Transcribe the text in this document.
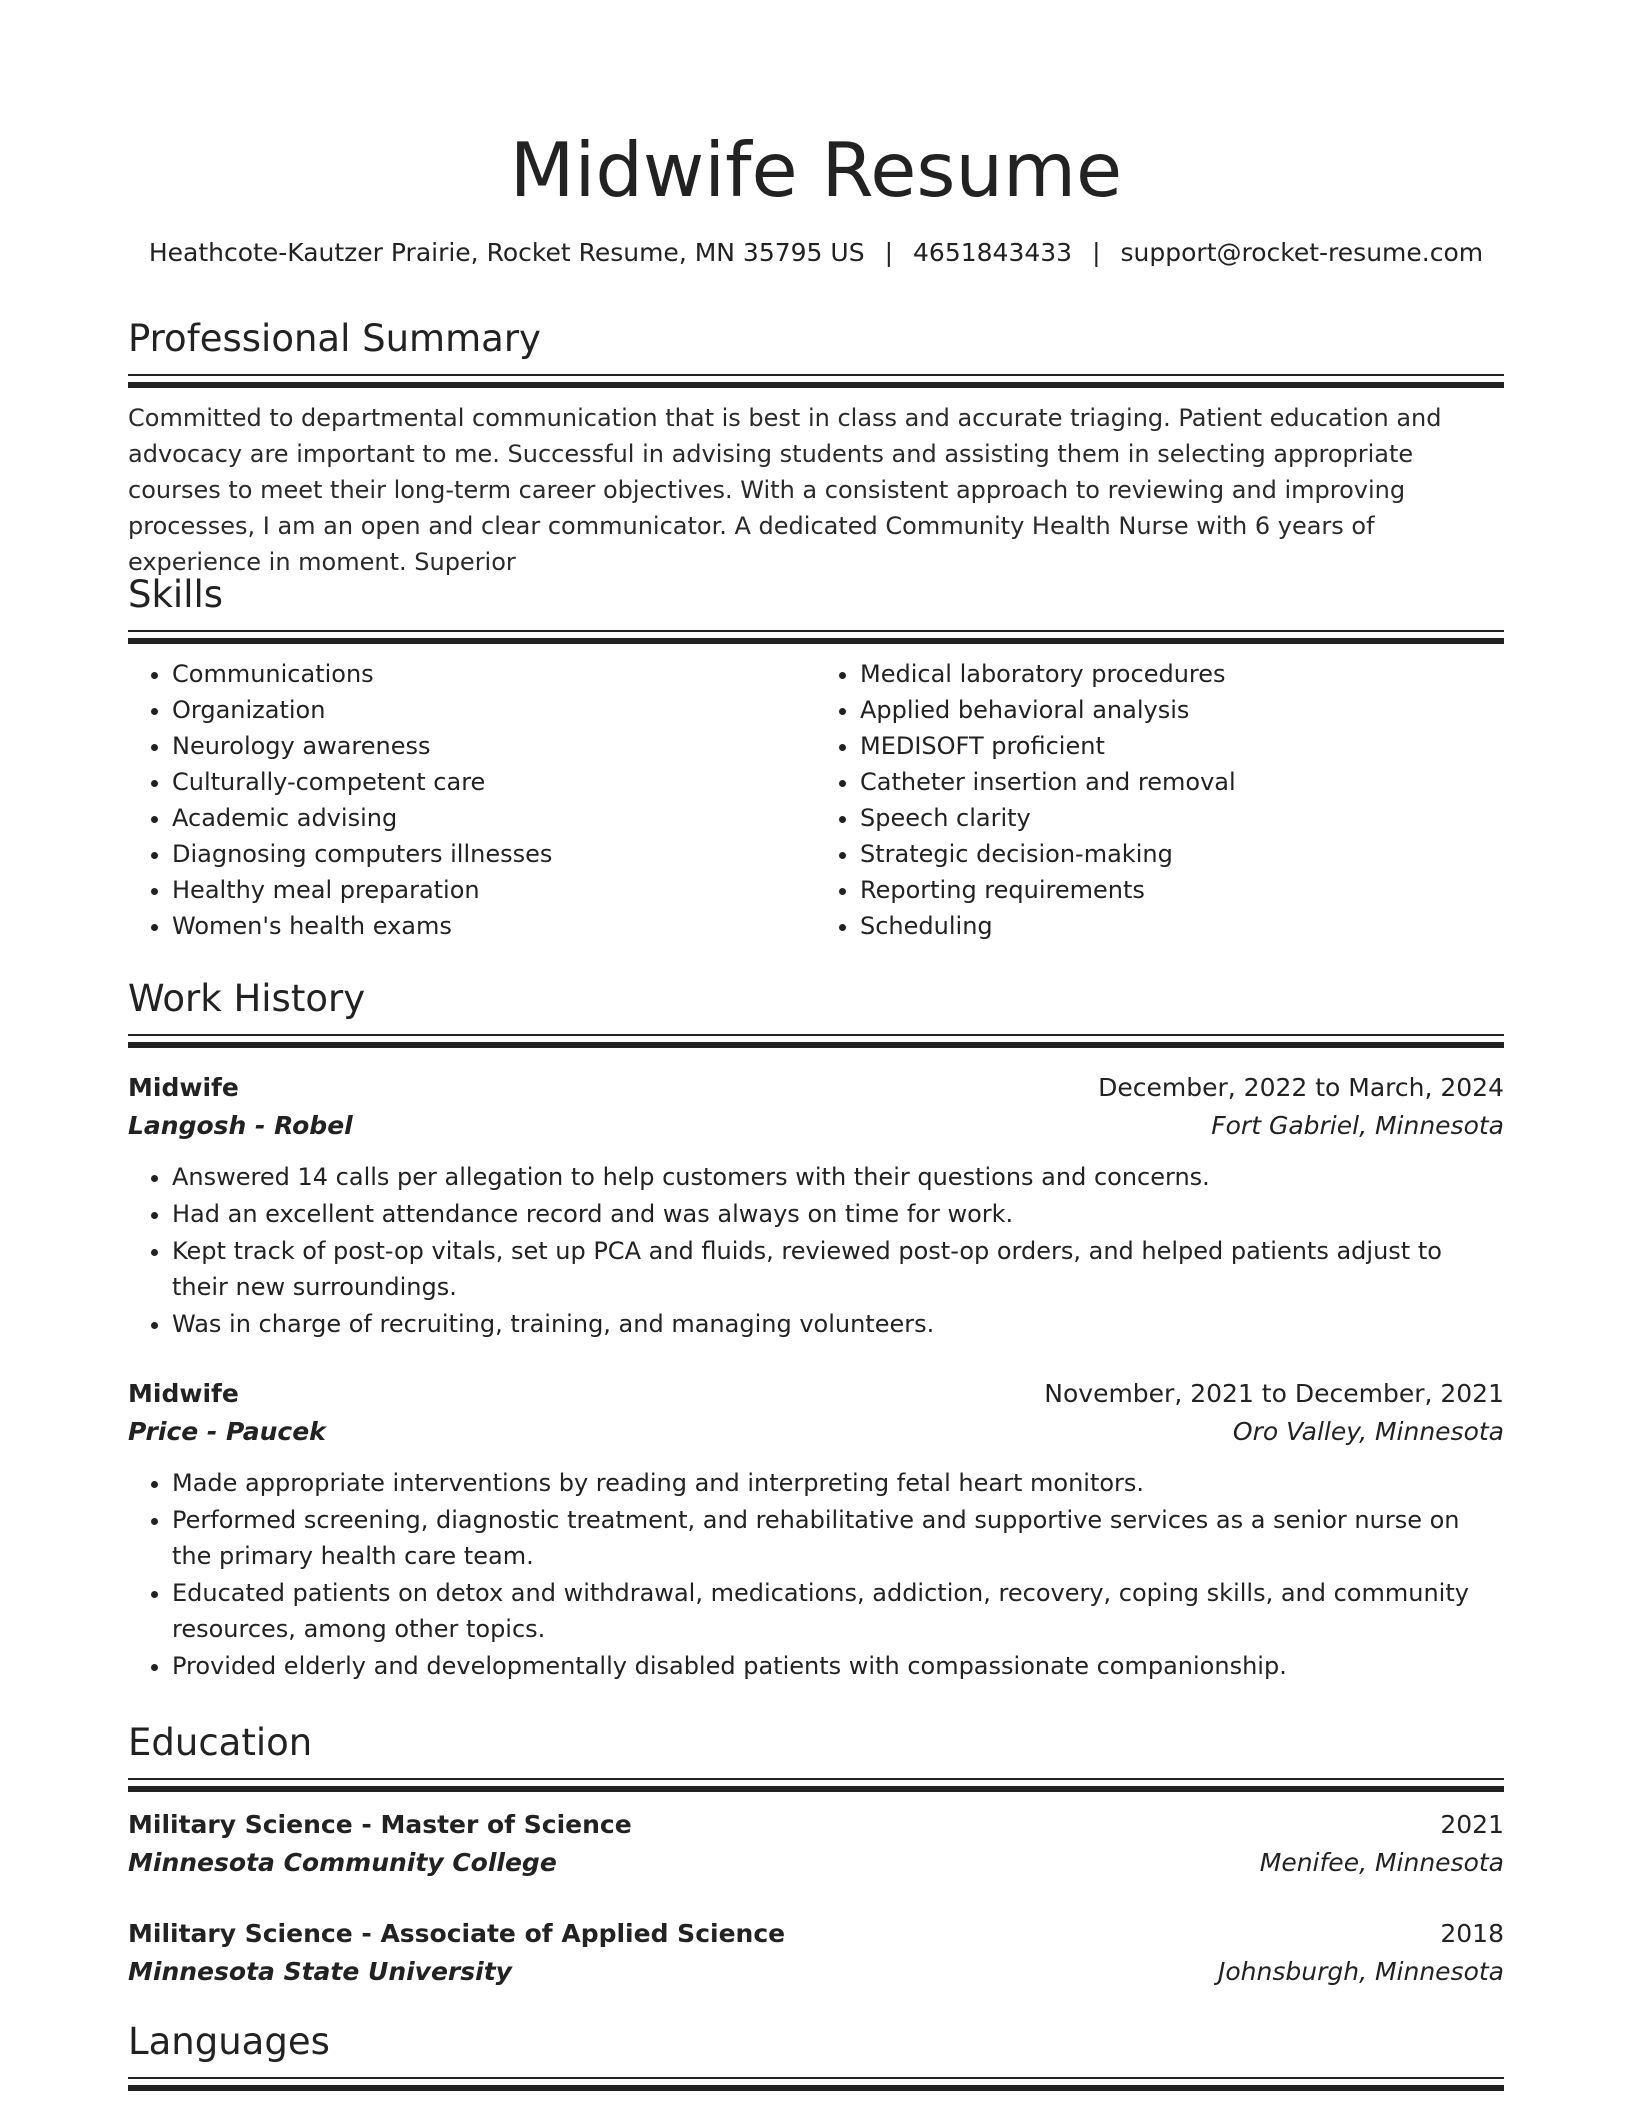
Midwife Resume
Heathcote-Kautzer Prairie, Rocket Resume, MN 35795 US | 4651843433 | support@rocket-resume.com
Professional Summary

Committed to departmental communication that is best in class and accurate triaging. Patient education and advocacy are important to me. Successful in advising students and assisting them in selecting appropriate courses to meet their long-term career objectives. With a consistent approach to reviewing and improving processes, I am an open and clear communicator. A dedicated Community Health Nurse with 6 years of experience in moment. Superior

Skills
• Communications
• Organization
• Neurology awareness
• Culturally-competent care
• Academic advising
• Diagnosing computers illnesses
• Healthy meal preparation
• Women's health exams
• Medical laboratory procedures
• Applied behavioral analysis
• MEDISOFT proficient
• Catheter insertion and removal
• Speech clarity
• Strategic decision-making
• Reporting requirements
• Scheduling
Work History
Midwife	December, 2022 to March, 2024
Langosh - Robel	Fort Gabriel, Minnesota
• Answered 14 calls per allegation to help customers with their questions and concerns.
• Had an excellent attendance record and was always on time for work.
• Kept track of post-op vitals, set up PCA and fluids, reviewed post-op orders, and helped patients adjust to their new surroundings.
• Was in charge of recruiting, training, and managing volunteers.
Midwife	November, 2021 to December, 2021
Price - Paucek	Oro Valley, Minnesota
• Made appropriate interventions by reading and interpreting fetal heart monitors.
• Performed screening, diagnostic treatment, and rehabilitative and supportive services as a senior nurse on the primary health care team.
• Educated patients on detox and withdrawal, medications, addiction, recovery, coping skills, and community resources, among other topics.
• Provided elderly and developmentally disabled patients with compassionate companionship.
Education
Military Science - Master of Science	2021
Minnesota Community College	Menifee, Minnesota
Military Science - Associate of Applied Science	2018
Minnesota State University	Johnsburgh, Minnesota
Languages
